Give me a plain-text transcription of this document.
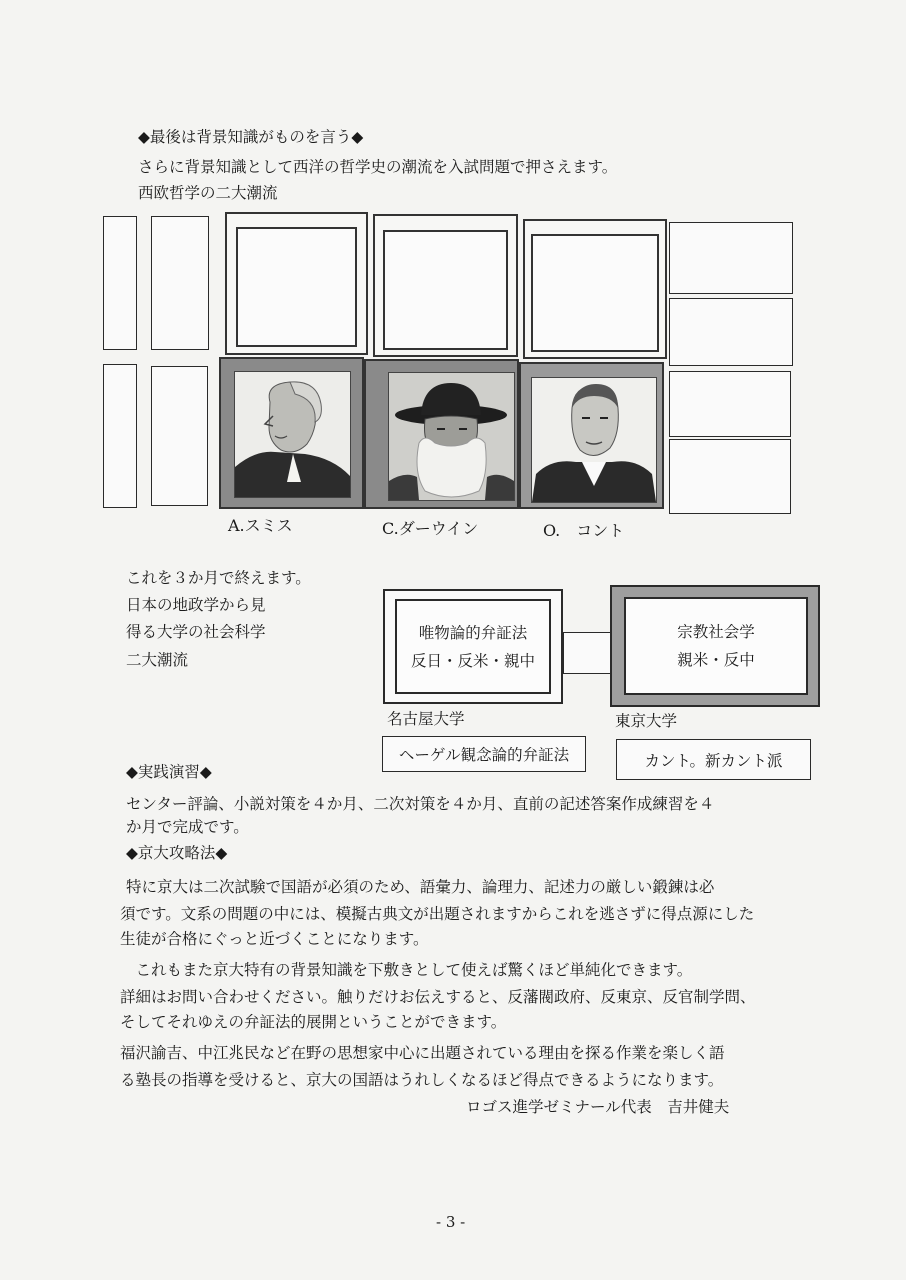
◆最後は背景知識がものを言う◆
さらに背景知識として西洋の哲学史の潮流を入試問題で押さえます。
西欧哲学の二大潮流
A.スミス	C.ダーウイン	O.　コント
これを３か月で終えます。
日本の地政学から見
得る大学の社会科学
二大潮流
唯物論的弁証法
反日・反米・親中
宗教社会学
親米・反中
名古屋大学	東京大学
ヘーゲル観念論的弁証法	カント。新カント派
◆実践演習◆
センター評論、小説対策を４か月、二次対策を４か月、直前の記述答案作成練習を４
か月で完成です。
◆京大攻略法◆
特に京大は二次試験で国語が必須のため、語彙力、論理力、記述力の厳しい鍛錬は必
須です。文系の問題の中には、模擬古典文が出題されますからこれを逃さずに得点源にした
生徒が合格にぐっと近づくことになります。
　これもまた京大特有の背景知識を下敷きとして使えば驚くほど単純化できます。
詳細はお問い合わせください。触りだけお伝えすると、反藩閥政府、反東京、反官制学問、
そしてそれゆえの弁証法的展開ということができます。
福沢諭吉、中江兆民など在野の思想家中心に出題されている理由を探る作業を楽しく語
る塾長の指導を受けると、京大の国語はうれしくなるほど得点できるようになります。
ロゴス進学ゼミナール代表　吉井健夫
- 3 -
